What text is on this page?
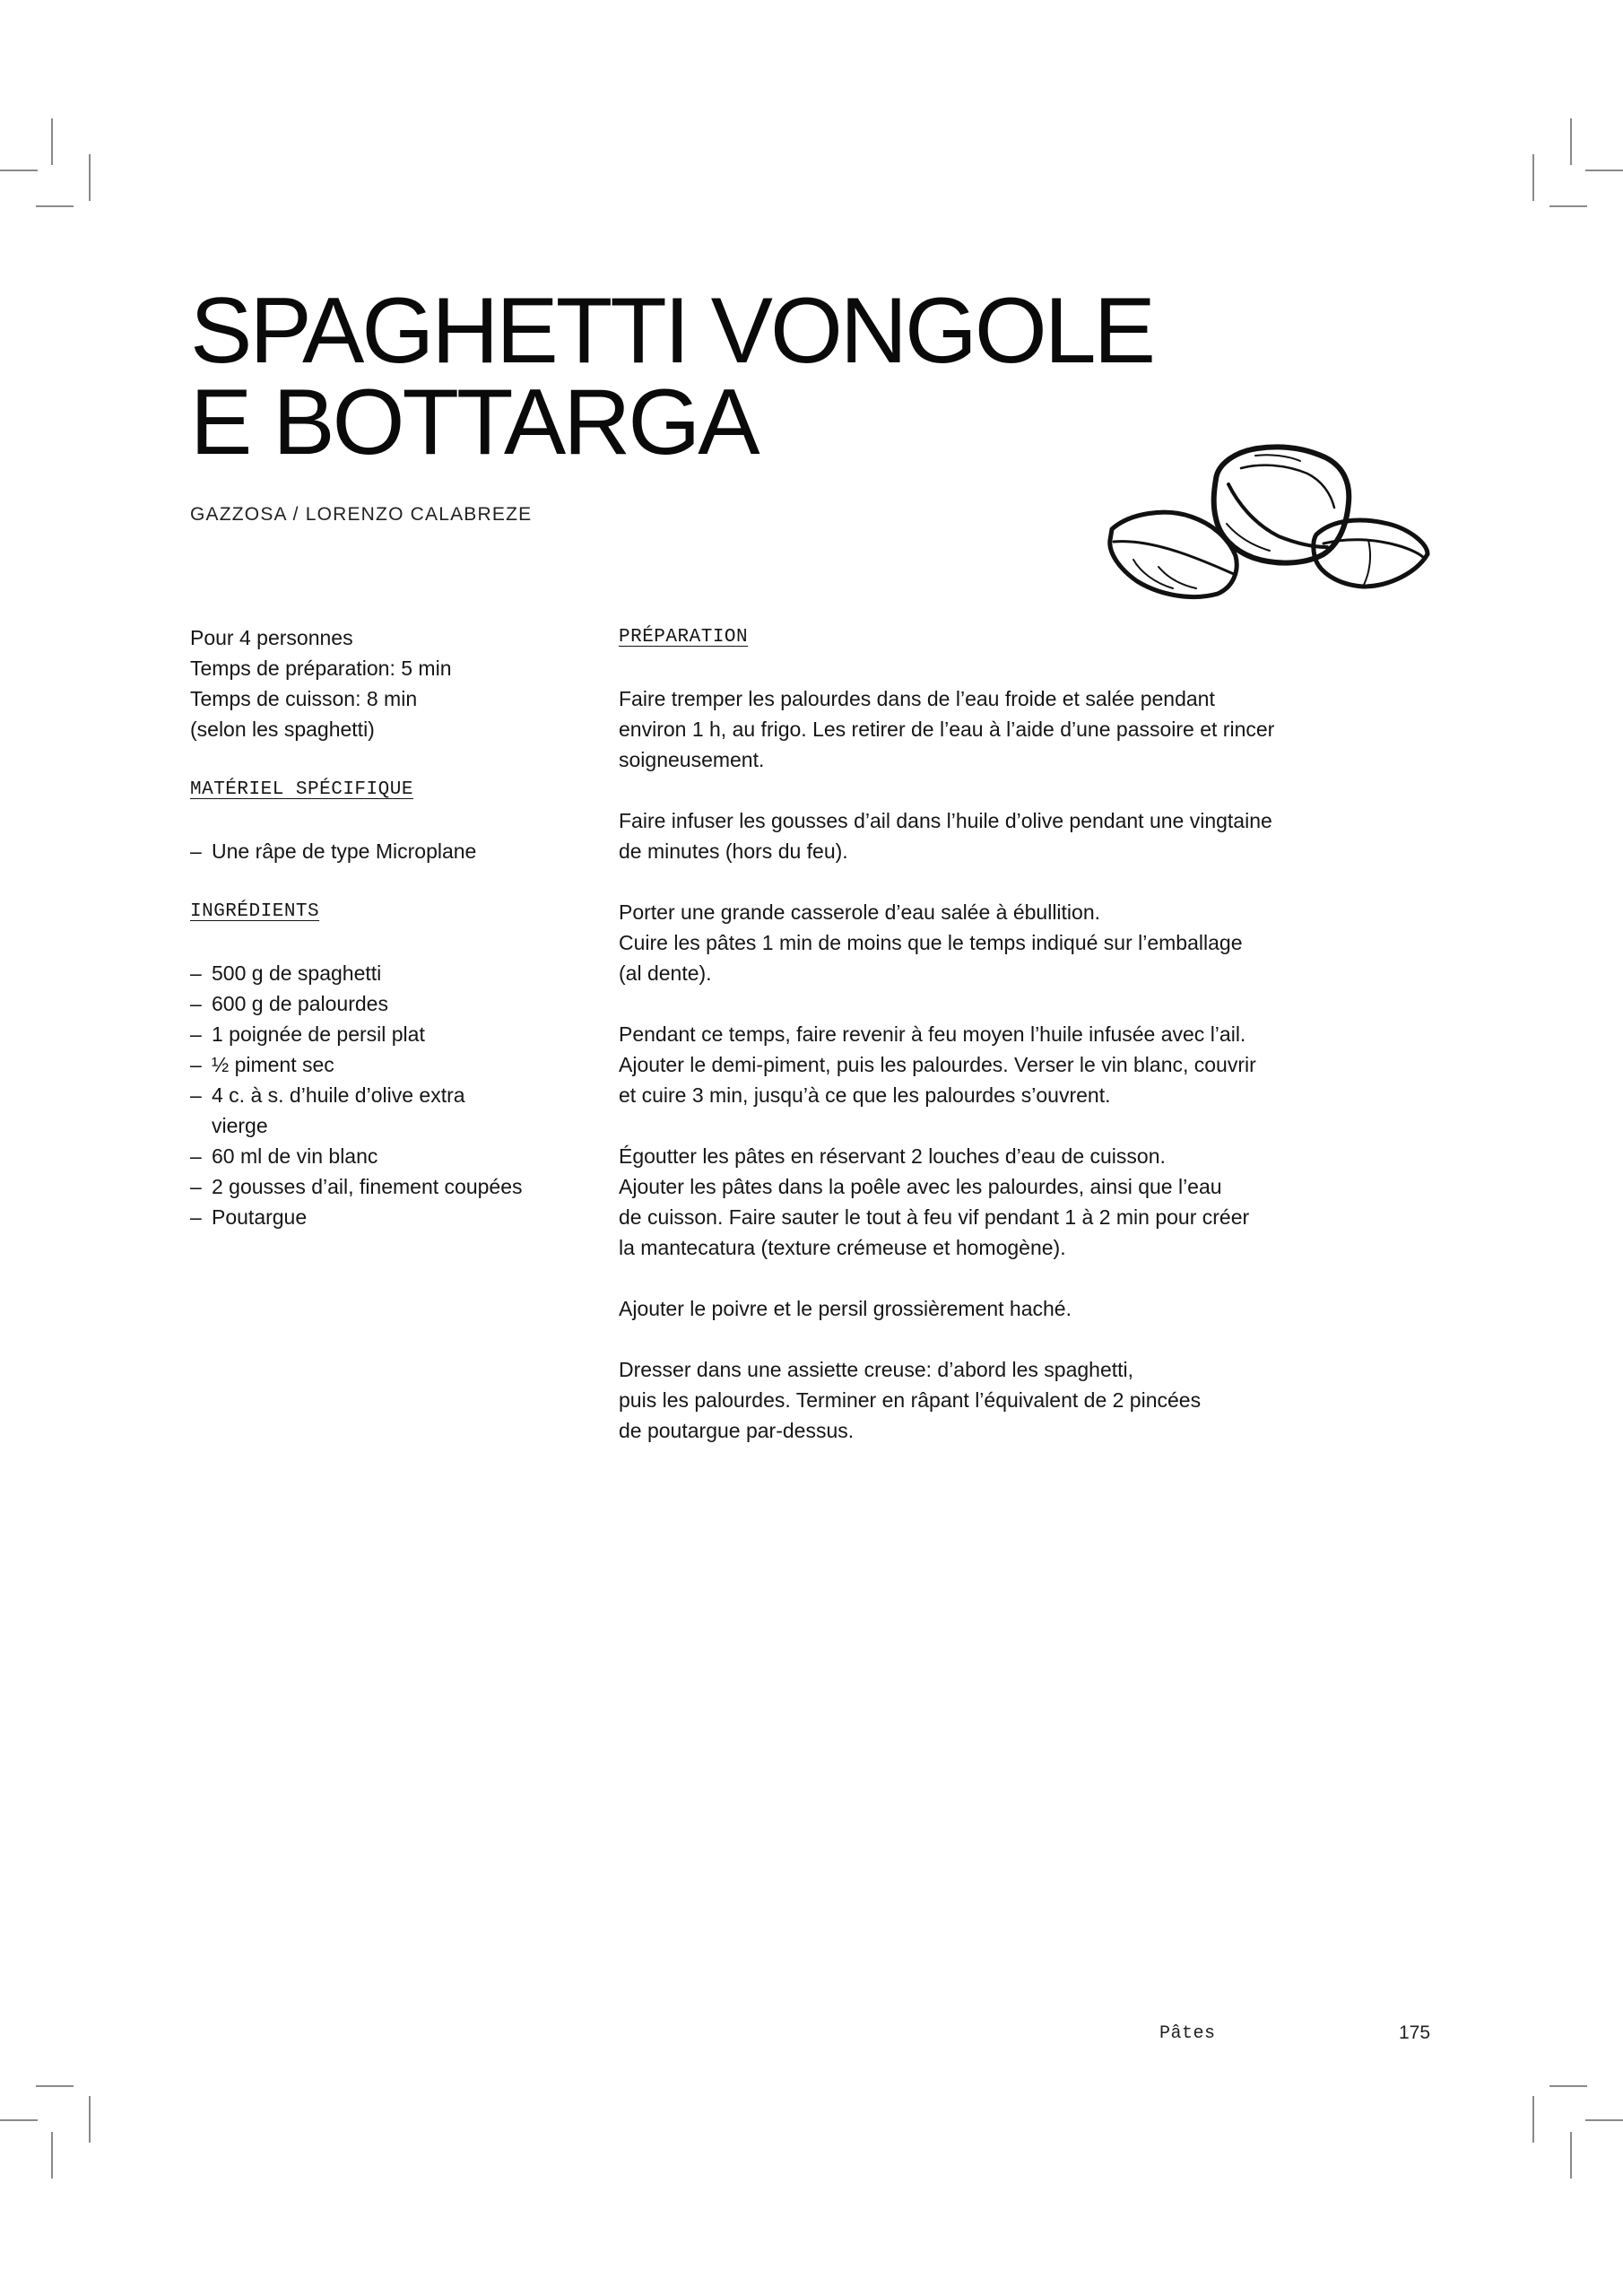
SPAGHETTI VONGOLE
E BOTTARGA
GAZZOSA / LORENZO CALABREZE
Pour 4 personnes
Temps de préparation: 5 min
Temps de cuisson: 8 min
(selon les spaghetti)
MATÉRIEL SPÉCIFIQUE
– Une râpe de type Microplane
INGRÉDIENTS
– 500 g de spaghetti
– 600 g de palourdes
– 1 poignée de persil plat
– ½ piment sec
– 4 c. à s. d’huile d’olive extra vierge
– 60 ml de vin blanc
– 2 gousses d’ail, finement coupées
– Poutargue
PRÉPARATION
Faire tremper les palourdes dans de l’eau froide et salée pendant
environ 1 h, au frigo. Les retirer de l’eau à l’aide d’une passoire et rincer
soigneusement.
Faire infuser les gousses d’ail dans l’huile d’olive pendant une vingtaine
de minutes (hors du feu).
Porter une grande casserole d’eau salée à ébullition.
Cuire les pâtes 1 min de moins que le temps indiqué sur l’emballage
(al dente).
Pendant ce temps, faire revenir à feu moyen l’huile infusée avec l’ail.
Ajouter le demi-piment, puis les palourdes. Verser le vin blanc, couvrir
et cuire 3 min, jusqu’à ce que les palourdes s’ouvrent.
Égoutter les pâtes en réservant 2 louches d’eau de cuisson.
Ajouter les pâtes dans la poêle avec les palourdes, ainsi que l’eau
de cuisson. Faire sauter le tout à feu vif pendant 1 à 2 min pour créer
la mantecatura (texture crémeuse et homogène).
Ajouter le poivre et le persil grossièrement haché.
Dresser dans une assiette creuse: d’abord les spaghetti,
puis les palourdes. Terminer en râpant l’équivalent de 2 pincées
de poutargue par-dessus.
Pâtes	175
